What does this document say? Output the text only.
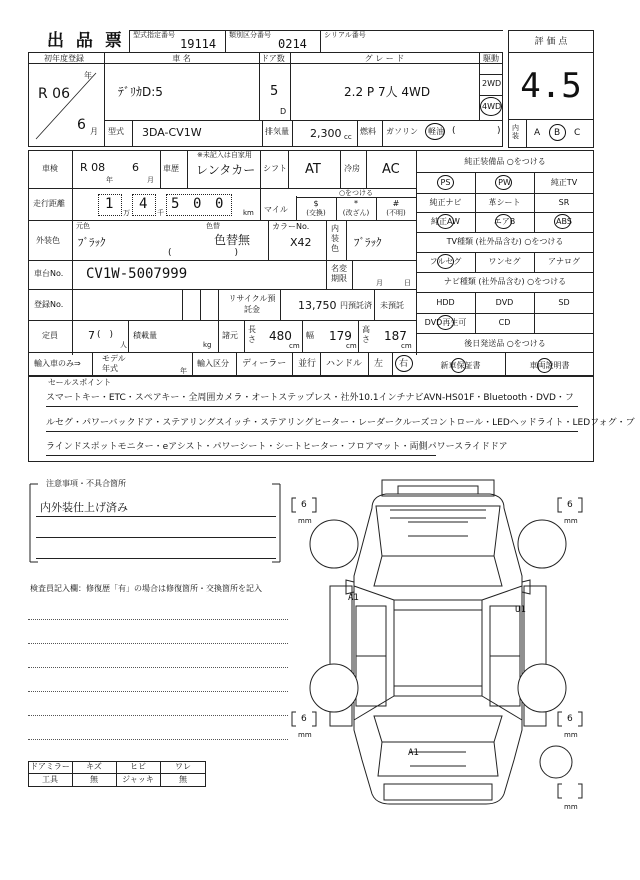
出 品 票 型式指定番号
19114
類別区分番号
0214
シリアル番号
評 価 点
4.5
内装	A B C
初年度登録
R 06
年
6 月
車 名
ﾃﾞﾘｶD:5
ドア数
5
D
グ レ ー ド
2.2 P 7人 4WD
駆動
2WD
4WD
型式 3DA-CV1W	排気量 2,300 cc
燃料 ガソリン 軽油 (	)
車検 R 08
年
6
月
車歴
※未記入は自家用
レンタカー シフト AT	冷房 AC
走行距離	1
万
4
千
5 0 0
km マイル
○をつける
$
(交換)
*
(改ざん)
#
(不明)
外装色
元色
ﾌﾞﾗｯｸ
色替
色替無
(　　　　　　　)
カラーNo.
X42
内装色 ﾌﾞﾗｯｸ
車台No. CV1W-5007999	名変期限	月	日
登録No.
リサイクル預託金	13,750 円預託済 未預託
定員	7 (　)
人
積載量
kg
諸元
長さ 480
cm
幅 179
cm
高さ 187
cm
輸入車のみ⇒
モデル年式	年
輸入区分 ディーラー 並行 ハンドル 左 右
純正装備品 ○をつける
PS	PW	純正TV
純正ナビ	革シート	SR
純正AW	エアB	ABS
TV種類 (社外品含む) ○をつける
フルセグ	ワンセグ	アナログ
ナビ種類 (社外品含む) ○をつける
HDD	DVD	SD
DVD再生可	CD
後日発送品 ○をつける
新車保証書	車両説明書
セールスポイント
スマートキー・ETC・スペアキー・全周囲カメラ・オートステップレス・社外10.1インチナビAVN-HS01F・Bluetooth・DVD・フ
ルセグ・パワーバックドア・ステアリングスイッチ・ステアリングヒーター・レーダークルーズコントロール・LEDヘッドライト・LEDフォグ・ブ
ラインドスポットモニター・eアシスト・パワーシート・シートヒーター・フロアマット・両側パワースライドドア
注意事項・不具合箇所
内外装仕上げ済み
検査員記入欄：修復歴「有」の場合は修復箇所・交換箇所を記入
ドアミラー	キズ	ヒビ	ワレ
工具	無	ジャッキ	無
6
mm
6
mm
6
mm
6
mm
mm
A1
U1
A1
